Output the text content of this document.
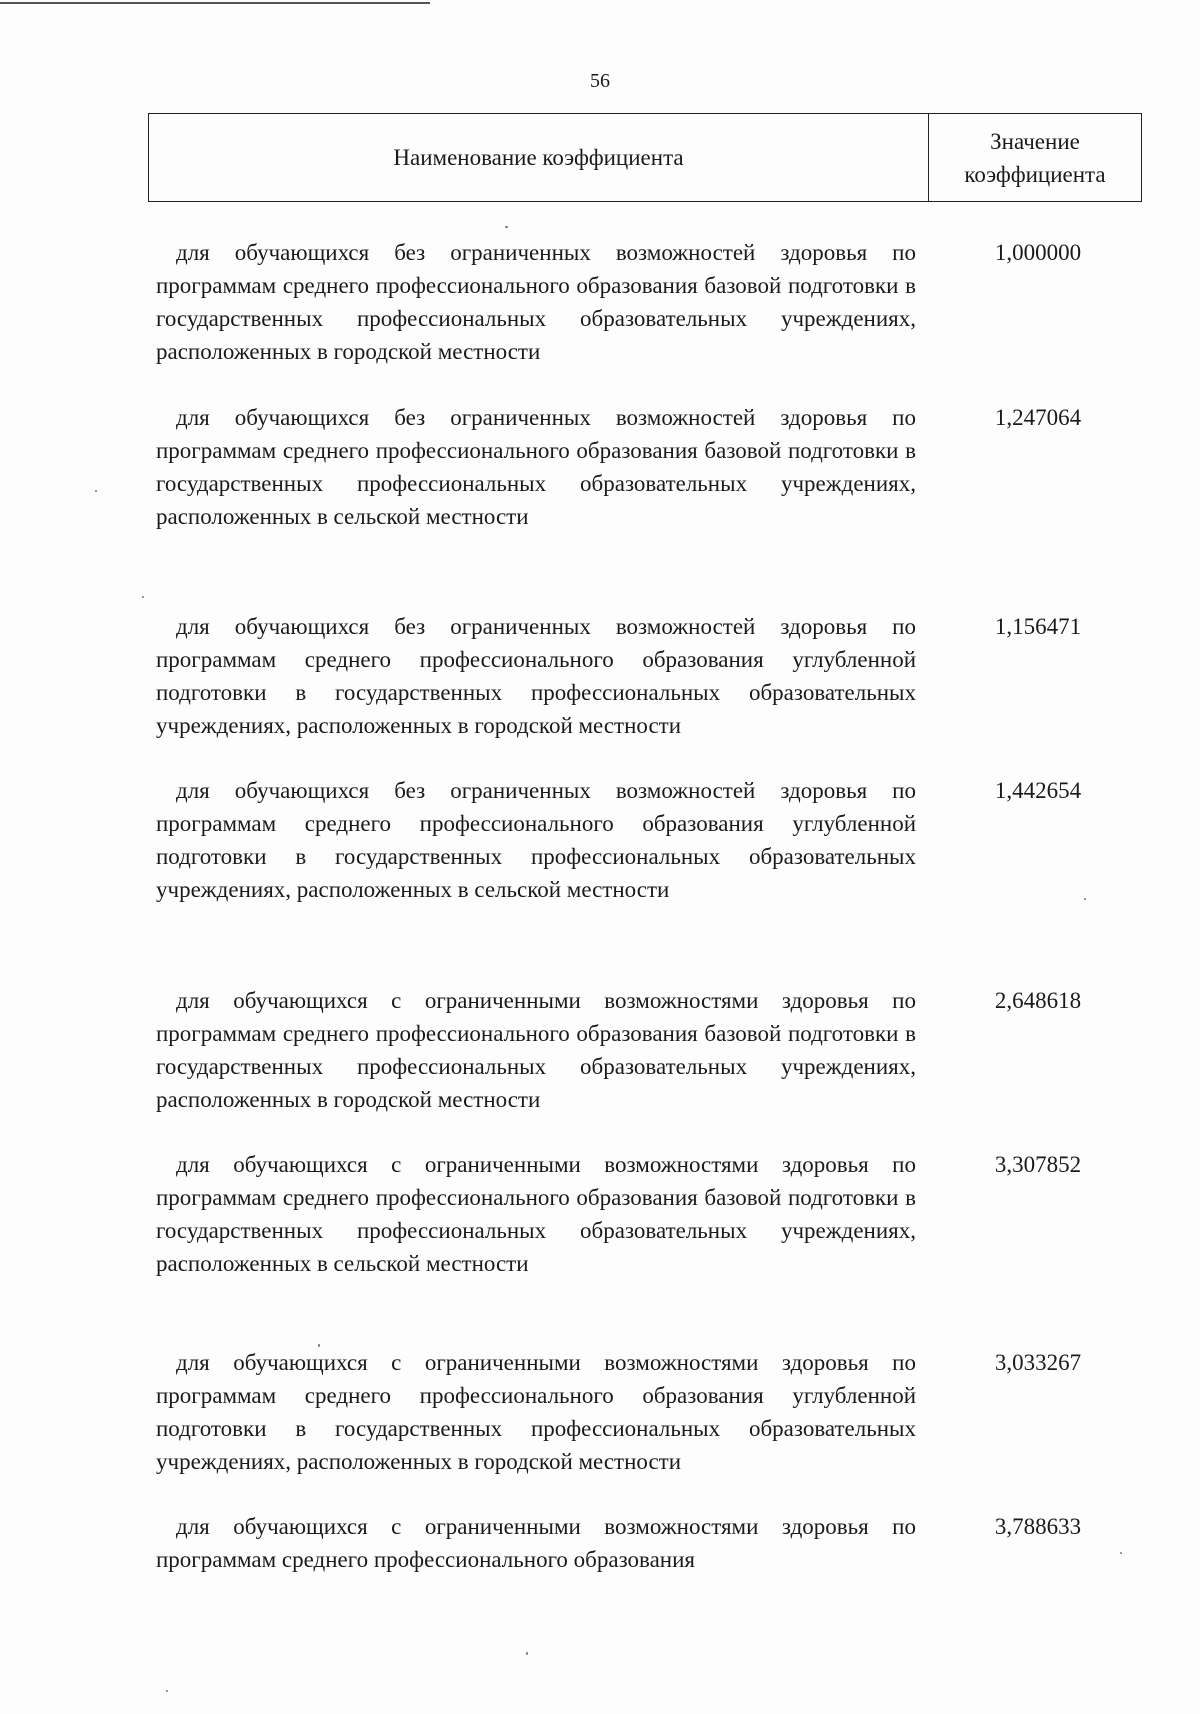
56
Наименование коэффициента
Значение
коэффициента
для обучающихся без ограниченных возможностей здоровья по программам среднего профессионального образования базовой подготовки в государственных профессиональных образовательных учреждениях, расположенных в городской местности
1,000000
для обучающихся без ограниченных возможностей здоровья по программам среднего профессионального образования базовой подготовки в государственных профессиональных образовательных учреждениях, расположенных в сельской местности
1,247064
для обучающихся без ограниченных возможностей здоровья по программам среднего профессионального образования углубленной подготовки в государственных профессиональных образовательных учреждениях, расположенных в городской местности
1,156471
для обучающихся без ограниченных возможностей здоровья по программам среднего профессионального образования углубленной подготовки в государственных профессиональных образовательных учреждениях, расположенных в сельской местности
1,442654
для обучающихся с ограниченными возможностями здоровья по программам среднего профессионального образования базовой подготовки в государственных профессиональных образовательных учреждениях, расположенных в городской местности
2,648618
для обучающихся с ограниченными возможностями здоровья по программам среднего профессионального образования базовой подготовки в государственных профессиональных образовательных учреждениях, расположенных в сельской местности
3,307852
для обучающихся с ограниченными возможностями здоровья по программам среднего профессионального образования углубленной подготовки в государственных профессиональных образовательных учреждениях, расположенных в городской местности
3,033267
для обучающихся с ограниченными возможностями здоровья по программам среднего профессионального образования
3,788633
